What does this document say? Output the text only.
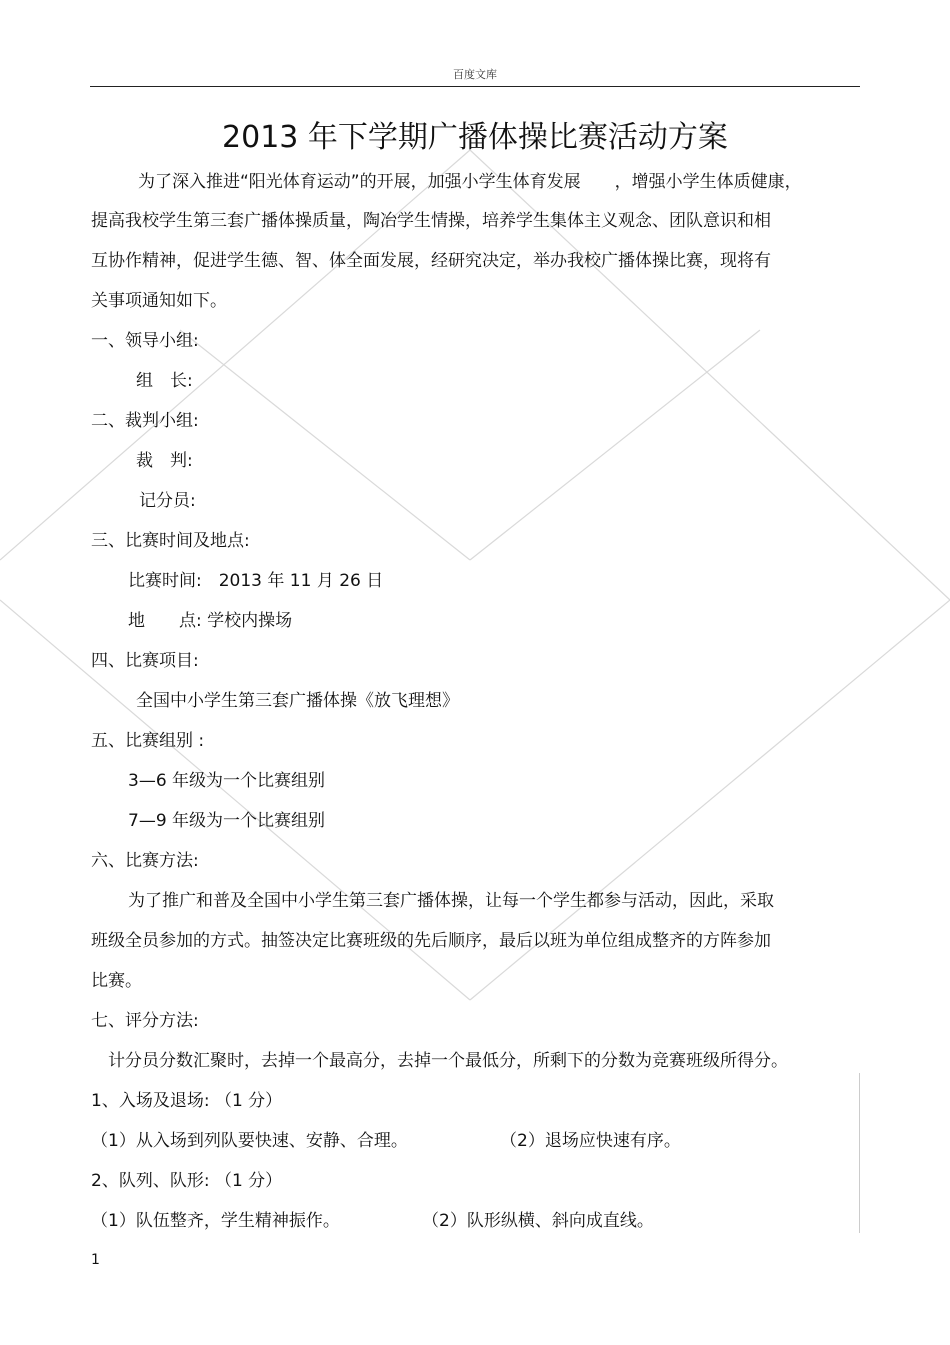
百度文库
2013 年下学期广播体操比赛活动方案
为了深入推进“阳光体育运动”的开展，加强小学生体育发展　　，增强小学生体质健康，
提高我校学生第三套广播体操质量，陶冶学生情操，培养学生集体主义观念、团队意识和相
互协作精神，促进学生德、智、体全面发展，经研究决定，举办我校广播体操比赛，现将有
关事项通知如下。
一、领导小组:
组　长:
二、裁判小组:
裁　判:
记分员:
三、比赛时间及地点:
比赛时间:　2013 年 11 月 26 日
地　　点: 学校内操场
四、比赛项目:
全国中小学生第三套广播体操《放飞理想》
五、比赛组别 :
3—6 年级为一个比赛组别
7—9 年级为一个比赛组别
六、比赛方法:
为了推广和普及全国中小学生第三套广播体操，让每一个学生都参与活动，因此，采取
班级全员参加的方式。抽签决定比赛班级的先后顺序，最后以班为单位组成整齐的方阵参加
比赛。
七、评分方法:
计分员分数汇聚时，去掉一个最高分，去掉一个最低分，所剩下的分数为竞赛班级所得分。
1、入场及退场: （1 分）
（1）从入场到列队要快速、安静、合理。	（2）退场应快速有序。
2、队列、队形: （1 分）
（1）队伍整齐，学生精神振作。	（2）队形纵横、斜向成直线。
1
